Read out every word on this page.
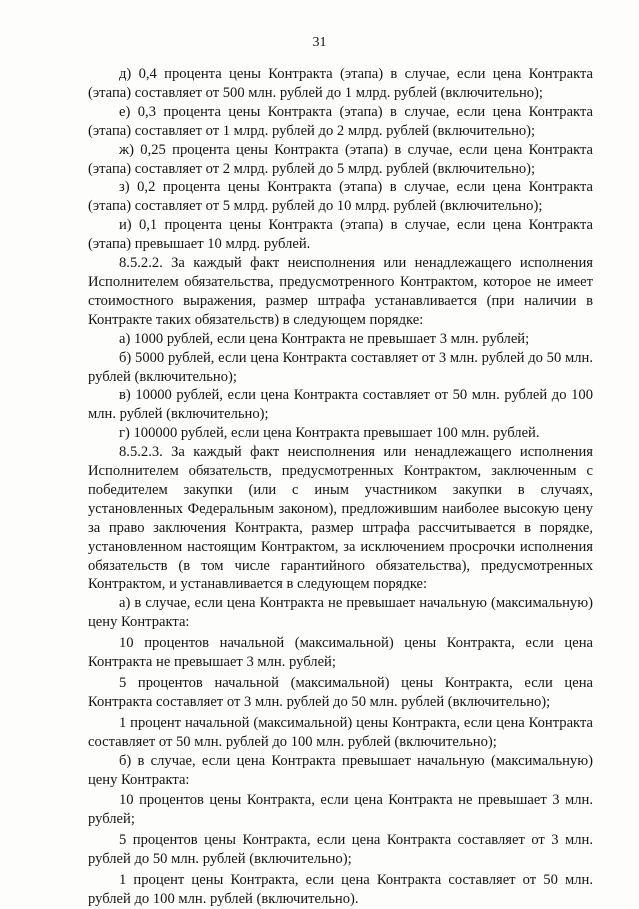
31

д) 0,4 процента цены Контракта (этапа) в случае, если цена Контракта (этапа) составляет от 500 млн. рублей до 1 млрд. рублей (включительно);

е) 0,3 процента цены Контракта (этапа) в случае, если цена Контракта (этапа) составляет от 1 млрд. рублей до 2 млрд. рублей (включительно);

ж) 0,25 процента цены Контракта (этапа) в случае, если цена Контракта (этапа) составляет от 2 млрд. рублей до 5 млрд. рублей (включительно);

з) 0,2 процента цены Контракта (этапа) в случае, если цена Контракта (этапа) составляет от 5 млрд. рублей до 10 млрд. рублей (включительно);

и) 0,1 процента цены Контракта (этапа) в случае, если цена Контракта (этапа) превышает 10 млрд. рублей.

8.5.2.2. За каждый факт неисполнения или ненадлежащего исполнения Исполнителем обязательства, предусмотренного Контрактом, которое не имеет стоимостного выражения, размер штрафа устанавливается (при наличии в Контракте таких обязательств) в следующем порядке:

а) 1000 рублей, если цена Контракта не превышает 3 млн. рублей;

б) 5000 рублей, если цена Контракта составляет от 3 млн. рублей до 50 млн. рублей (включительно);

в) 10000 рублей, если цена Контракта составляет от 50 млн. рублей до 100 млн. рублей (включительно);

г) 100000 рублей, если цена Контракта превышает 100 млн. рублей.

8.5.2.3. За каждый факт неисполнения или ненадлежащего исполнения Исполнителем обязательств, предусмотренных Контрактом, заключенным с победителем закупки (или с иным участником закупки в случаях, установленных Федеральным законом), предложившим наиболее высокую цену за право заключения Контракта, размер штрафа рассчитывается в порядке, установленном настоящим Контрактом, за исключением просрочки исполнения обязательств (в том числе гарантийного обязательства), предусмотренных Контрактом, и устанавливается в следующем порядке:

а) в случае, если цена Контракта не превышает начальную (максимальную) цену Контракта:

10 процентов начальной (максимальной) цены Контракта, если цена Контракта не превышает 3 млн. рублей;

5 процентов начальной (максимальной) цены Контракта, если цена Контракта составляет от 3 млн. рублей до 50 млн. рублей (включительно);

1 процент начальной (максимальной) цены Контракта, если цена Контракта составляет от 50 млн. рублей до 100 млн. рублей (включительно);

б) в случае, если цена Контракта превышает начальную (максимальную) цену Контракта:

10 процентов цены Контракта, если цена Контракта не превышает 3 млн. рублей;

5 процентов цены Контракта, если цена Контракта составляет от 3 млн. рублей до 50 млн. рублей (включительно);

1 процент цены Контракта, если цена Контракта составляет от 50 млн. рублей до 100 млн. рублей (включительно).
